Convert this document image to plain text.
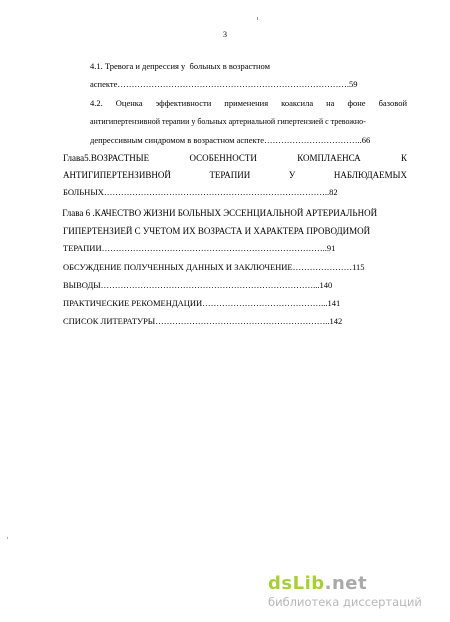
3
4.1. Тревога и депрессия у  больных в возрастном
аспекте……………………………………………………………………….59
4.2. Оценка эффективности применения коаксила на фоне базовой
антигипертензивной терапии у больных артериальной гипертензией с тревожно-
депрессивным синдромом в возрастном аспекте……………………………..66
Глава5.ВОЗРАСТНЫЕ	ОСОБЕННОСТИ	КОМПЛАЕНСА	К
АНТИГИПЕРТЕНЗИВНОЙ	ТЕРАПИИ	У	НАБЛЮДАЕМЫХ
БОЛЬНЫХ……………………………………………………………………..82
Глава 6 .КАЧЕСТВО ЖИЗНИ БОЛЬНЫХ ЭССЕНЦИАЛЬНОЙ АРТЕРИАЛЬНОЙ
ГИПЕРТЕНЗИЕЙ С УЧЕТОМ ИХ ВОЗРАСТА И ХАРАКТЕРА ПРОВОДИМОЙ
ТЕРАПИИ……………………………………………………………………..91
ОБСУЖДЕНИЕ ПОЛУЧЕННЫХ ДАННЫХ И ЗАКЛЮЧЕНИЕ…………………115
ВЫВОДЫ…………………………………………………………………...140
ПРАКТИЧЕСКИЕ РЕКОМЕНДАЦИИ……………………………………...141
СПИСОК ЛИТЕРАТУРЫ……………………………………………………..142
dsLib.net
библиотека диссертаций
